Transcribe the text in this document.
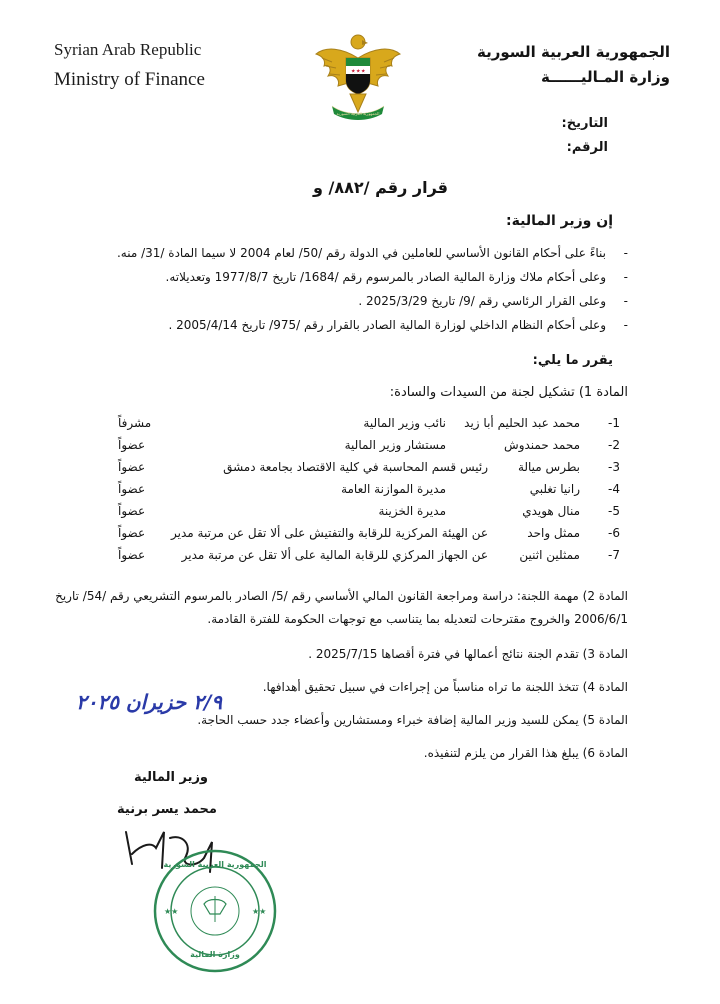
Syrian Arab Republic
Ministry of Finance	★ ★ ★
الجمهورية العربية السورية
الجمهورية العربية السورية
وزارة المـاليــــــة
التاريخ:
الرقم:
قرار رقم /٨٨٢/ و
إن وزير المالية:
-
بناءً على أحكام القانون الأساسي للعاملين في الدولة رقم /50/ لعام 2004 لا سيما المادة /31/ منه.
-
وعلى أحكام ملاك وزارة المالية الصادر بالمرسوم رقم /1684/ تاريخ 1977/8/7 وتعديلاته.
-
وعلى القرار الرئاسي رقم /9/ تاريخ 2025/3/29 .
-
وعلى أحكام النظام الداخلي لوزارة المالية الصادر بالقرار رقم /975/ تاريخ 2005/4/14 .
يقرر ما يلي:
المادة 1) تشكيل لجنة من السيدات والسادة:
1-
محمد عبد الحليم أبا زيد
نائب وزير المالية
مشرفاً
2-
محمد حمندوش
مستشار وزير المالية
عضواً
3-
بطرس ميالة
رئيس قسم المحاسبة في كلية الاقتصاد بجامعة دمشق
عضواً
4-
رانيا تغلبي
مديرة الموازنة العامة
عضواً
5-
منال هويدي
مديرة الخزينة
عضواً
6-
ممثل واحد
عن الهيئة المركزية للرقابة والتفتيش على ألا تقل عن مرتبة مدير
عضواً
7-
ممثلين اثنين
عن الجهاز المركزي للرقابة المالية على ألا تقل عن مرتبة مدير
عضواً
المادة 2) مهمة اللجنة: دراسة ومراجعة القانون المالي الأساسي رقم /5/ الصادر بالمرسوم التشريعي رقم /54/ تاريخ
2006/6/1 والخروج مقترحات لتعديله بما يتناسب مع توجهات الحكومة للفترة القادمة.
المادة 3) تقدم الجنة نتائج أعمالها في فترة أقصاها 2025/7/15 .
المادة 4) تتخذ اللجنة ما تراه مناسباً من إجراءات في سبيل تحقيق أهدافها.
المادة 5) يمكن للسيد وزير المالية إضافة خبراء ومستشارين وأعضاء جدد حسب الحاجة.
المادة 6) يبلغ هذا القرار من يلزم لتنفيذه.
٢/٩ حزيران ٢٠٢٥
وزير المالية
محمد يسر برنية
★★	★★
الجمهورية العربية السورية
وزارة المالية
